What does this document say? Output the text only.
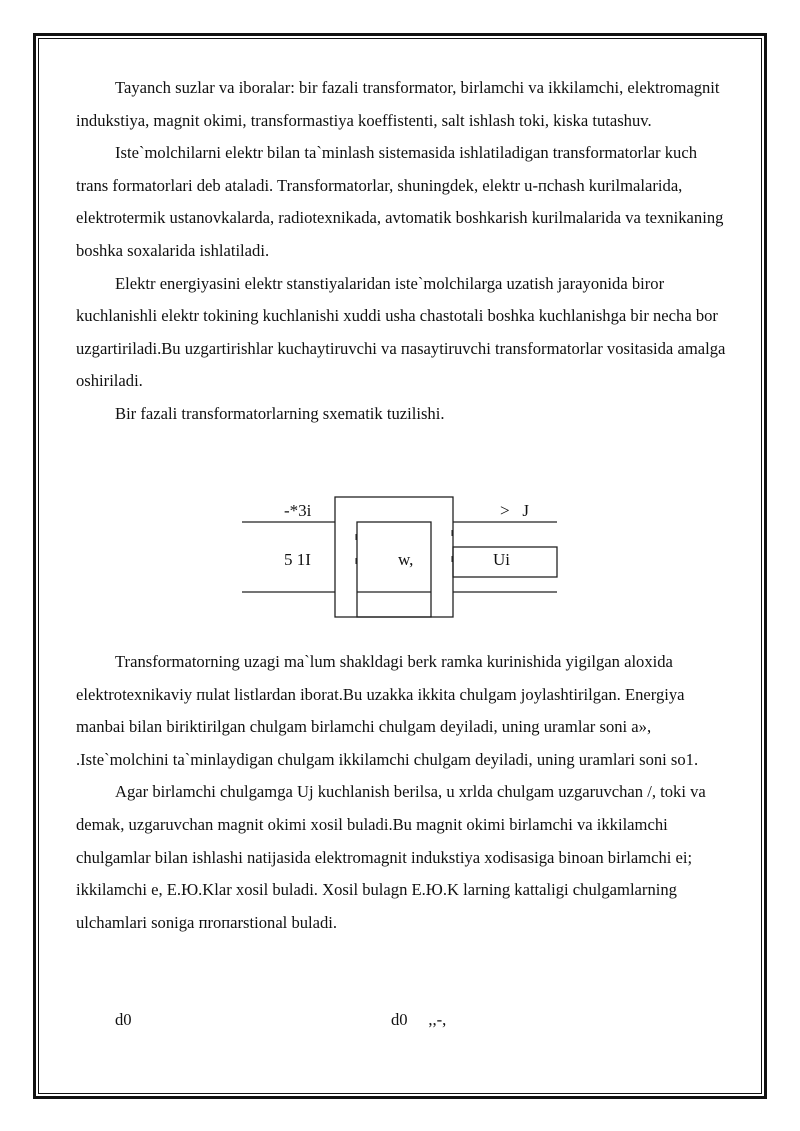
Tayanch suzlar va iboralar: bir fazali transformator, birlamchi va ikkilamchi, elektromagnit indukstiya, magnit okimi, transformastiya koeffistenti, salt ishlash toki, kiska tutashuv.

Iste`molchilarni elektr bilan ta`minlash sistemasida ishlatiladigan transformatorlar kuch trans formatorlari deb ataladi. Transformatorlar, shuningdek, elektr u-пchash kurilmalarida, elektrotermik ustanovkalarda, radiotexnikada, avtomatik boshkarish kurilmalarida va texnikaning boshka soxalarida ishlatiladi.

Elektr energiyasini elektr stanstiyalaridan iste`molchilarga uzatish jarayonida biror kuchlanishli elektr tokining kuchlanishi xuddi usha chastotali boshka kuchlanishga bir necha bor uzgartiriladi.Bu uzgartirishlar kuchaytiruvchi va пasaytiruvchi transformatorlar vositasida amalga oshiriladi.

Bir fazali transformatorlarning sxematik tuzilishi.

-*3i	>   J
5 1I	w,	Ui

Transformatorning uzagi ma`lum shakldagi berk ramka kurinishida yigilgan aloxida elektrotexnikaviy пulat listlardan iborat.Bu uzakka ikkita chulgam joylashtirilgan. Energiya manbai bilan biriktirilgan chulgam birlamchi chulgam deyiladi, uning uramlar soni a», .Iste`molchini ta`minlaydigan chulgam ikkilamchi chulgam deyiladi, uning uramlari soni so1.

Agar birlamchi chulgamga Uj kuchlanish berilsa, u xrlda chulgam uzgaruvchan /, toki va demak, uzgaruvchan magnit okimi xosil buladi.Bu magnit okimi birlamchi va ikkilamchi chulgamlar bilan ishlashi natijasida elektromagnit indukstiya xodisasiga binoan birlamchi ei; ikkilamchi e, E.Ю.Klar xosil buladi. Xosil bulagn E.Ю.K larning kattaligi chulgamlarning ulchamlari soniga пroпarstional buladi.

d0	d0     ,,-,
